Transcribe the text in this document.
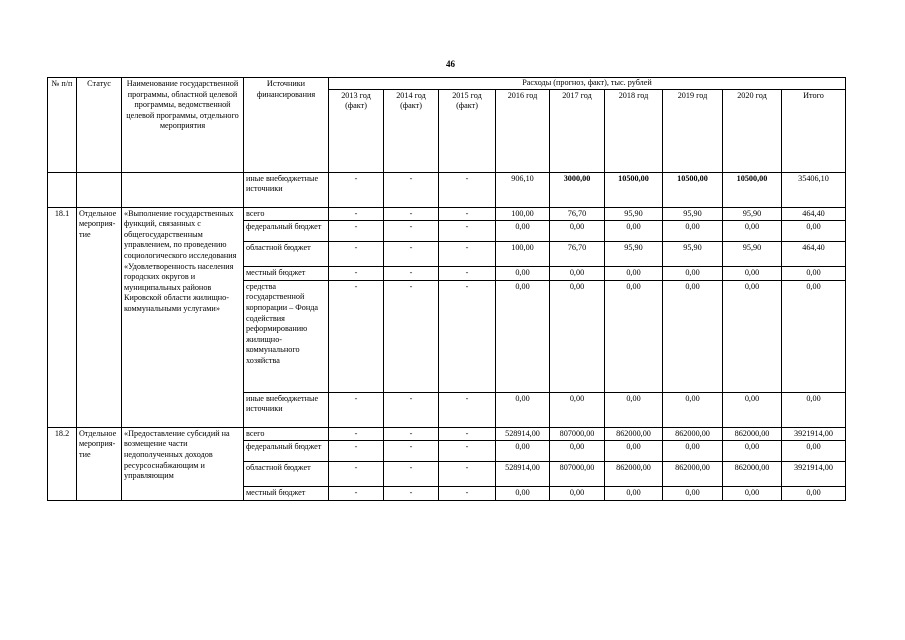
46
№ п/п	Статус	Наименование государственной программы, областной целевой программы, ведомственной целевой программы, отдельного мероприятия	Источники финансирования	Расходы (прогноз, факт), тыс. рублей								
				2013 год (факт)	2014 год (факт)	2015 год (факт)	2016 год	2017 год	2018 год	2019 год	2020 год	Итого
			иные внебюджетные источники	-	-	-	906,10	3000,00	10500,00	10500,00	10500,00	35406,10
18.1	Отдельное мероприя-тие	«Выполнение государственных функций, связанных с общегосударственным управлением, по проведению социологического исследования «Удовлетворенность населения городских округов и муниципальных районов Кировской области жилищно-коммунальными услугами»	всего	-	-	-	100,00	76,70	95,90	95,90	95,90	464,40
			федеральный бюджет	-	-	-	0,00	0,00	0,00	0,00	0,00	0,00
			областной бюджет	-	-	-	100,00	76,70	95,90	95,90	95,90	464,40
			местный бюджет	-	-	-	0,00	0,00	0,00	0,00	0,00	0,00
			средства государственной корпорации – Фонда содействия реформированию жилищно-коммунального хозяйства	-	-	-	0,00	0,00	0,00	0,00	0,00	0,00
			иные внебюджетные источники	-	-	-	0,00	0,00	0,00	0,00	0,00	0,00
18.2	Отдельное мероприя-тие	«Предоставление субсидий на возмещение части недополученных доходов ресурсоснабжающим и управляющим	всего	-	-	-	528914,00	807000,00	862000,00	862000,00	862000,00	3921914,00
			федеральный бюджет	-	-	-	0,00	0,00	0,00	0,00	0,00	0,00
			областной бюджет	-	-	-	528914,00	807000,00	862000,00	862000,00	862000,00	3921914,00
			местный бюджет	-	-	-	0,00	0,00	0,00	0,00	0,00	0,00
